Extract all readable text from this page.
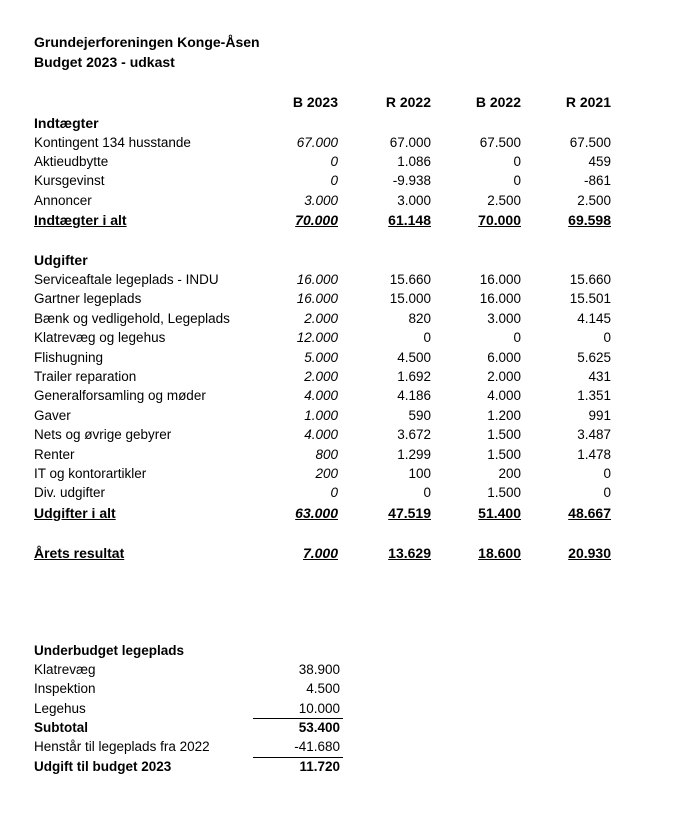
Grundejerforeningen Konge-Åsen
Budget 2023 - udkast
B 2023	R 2022	B 2022	R 2021
Indtægter
Kontingent 134 husstande	67.000	67.000	67.500	67.500
Aktieudbytte	0	1.086	0	459
Kursgevinst	0	-9.938	0	-861
Annoncer	3.000	3.000	2.500	2.500
Indtægter i alt	70.000	61.148	70.000	69.598
Udgifter
Serviceaftale legeplads - INDU	16.000	15.660	16.000	15.660
Gartner legeplads	16.000	15.000	16.000	15.501
Bænk og vedligehold, Legeplads	2.000	820	3.000	4.145
Klatrevæg og legehus	12.000	0	0	0
Flishugning	5.000	4.500	6.000	5.625
Trailer reparation	2.000	1.692	2.000	431
Generalforsamling og møder	4.000	4.186	4.000	1.351
Gaver	1.000	590	1.200	991
Nets og øvrige gebyrer	4.000	3.672	1.500	3.487
Renter	800	1.299	1.500	1.478
IT og kontorartikler	200	100	200	0
Div. udgifter	0	0	1.500	0
Udgifter i alt	63.000	47.519	51.400	48.667
Årets resultat	7.000	13.629	18.600	20.930
Underbudget legeplads
Klatrevæg	38.900
Inspektion	4.500
Legehus	10.000
Subtotal	53.400
Henstår til legeplads fra 2022	-41.680
Udgift til budget 2023	11.720
